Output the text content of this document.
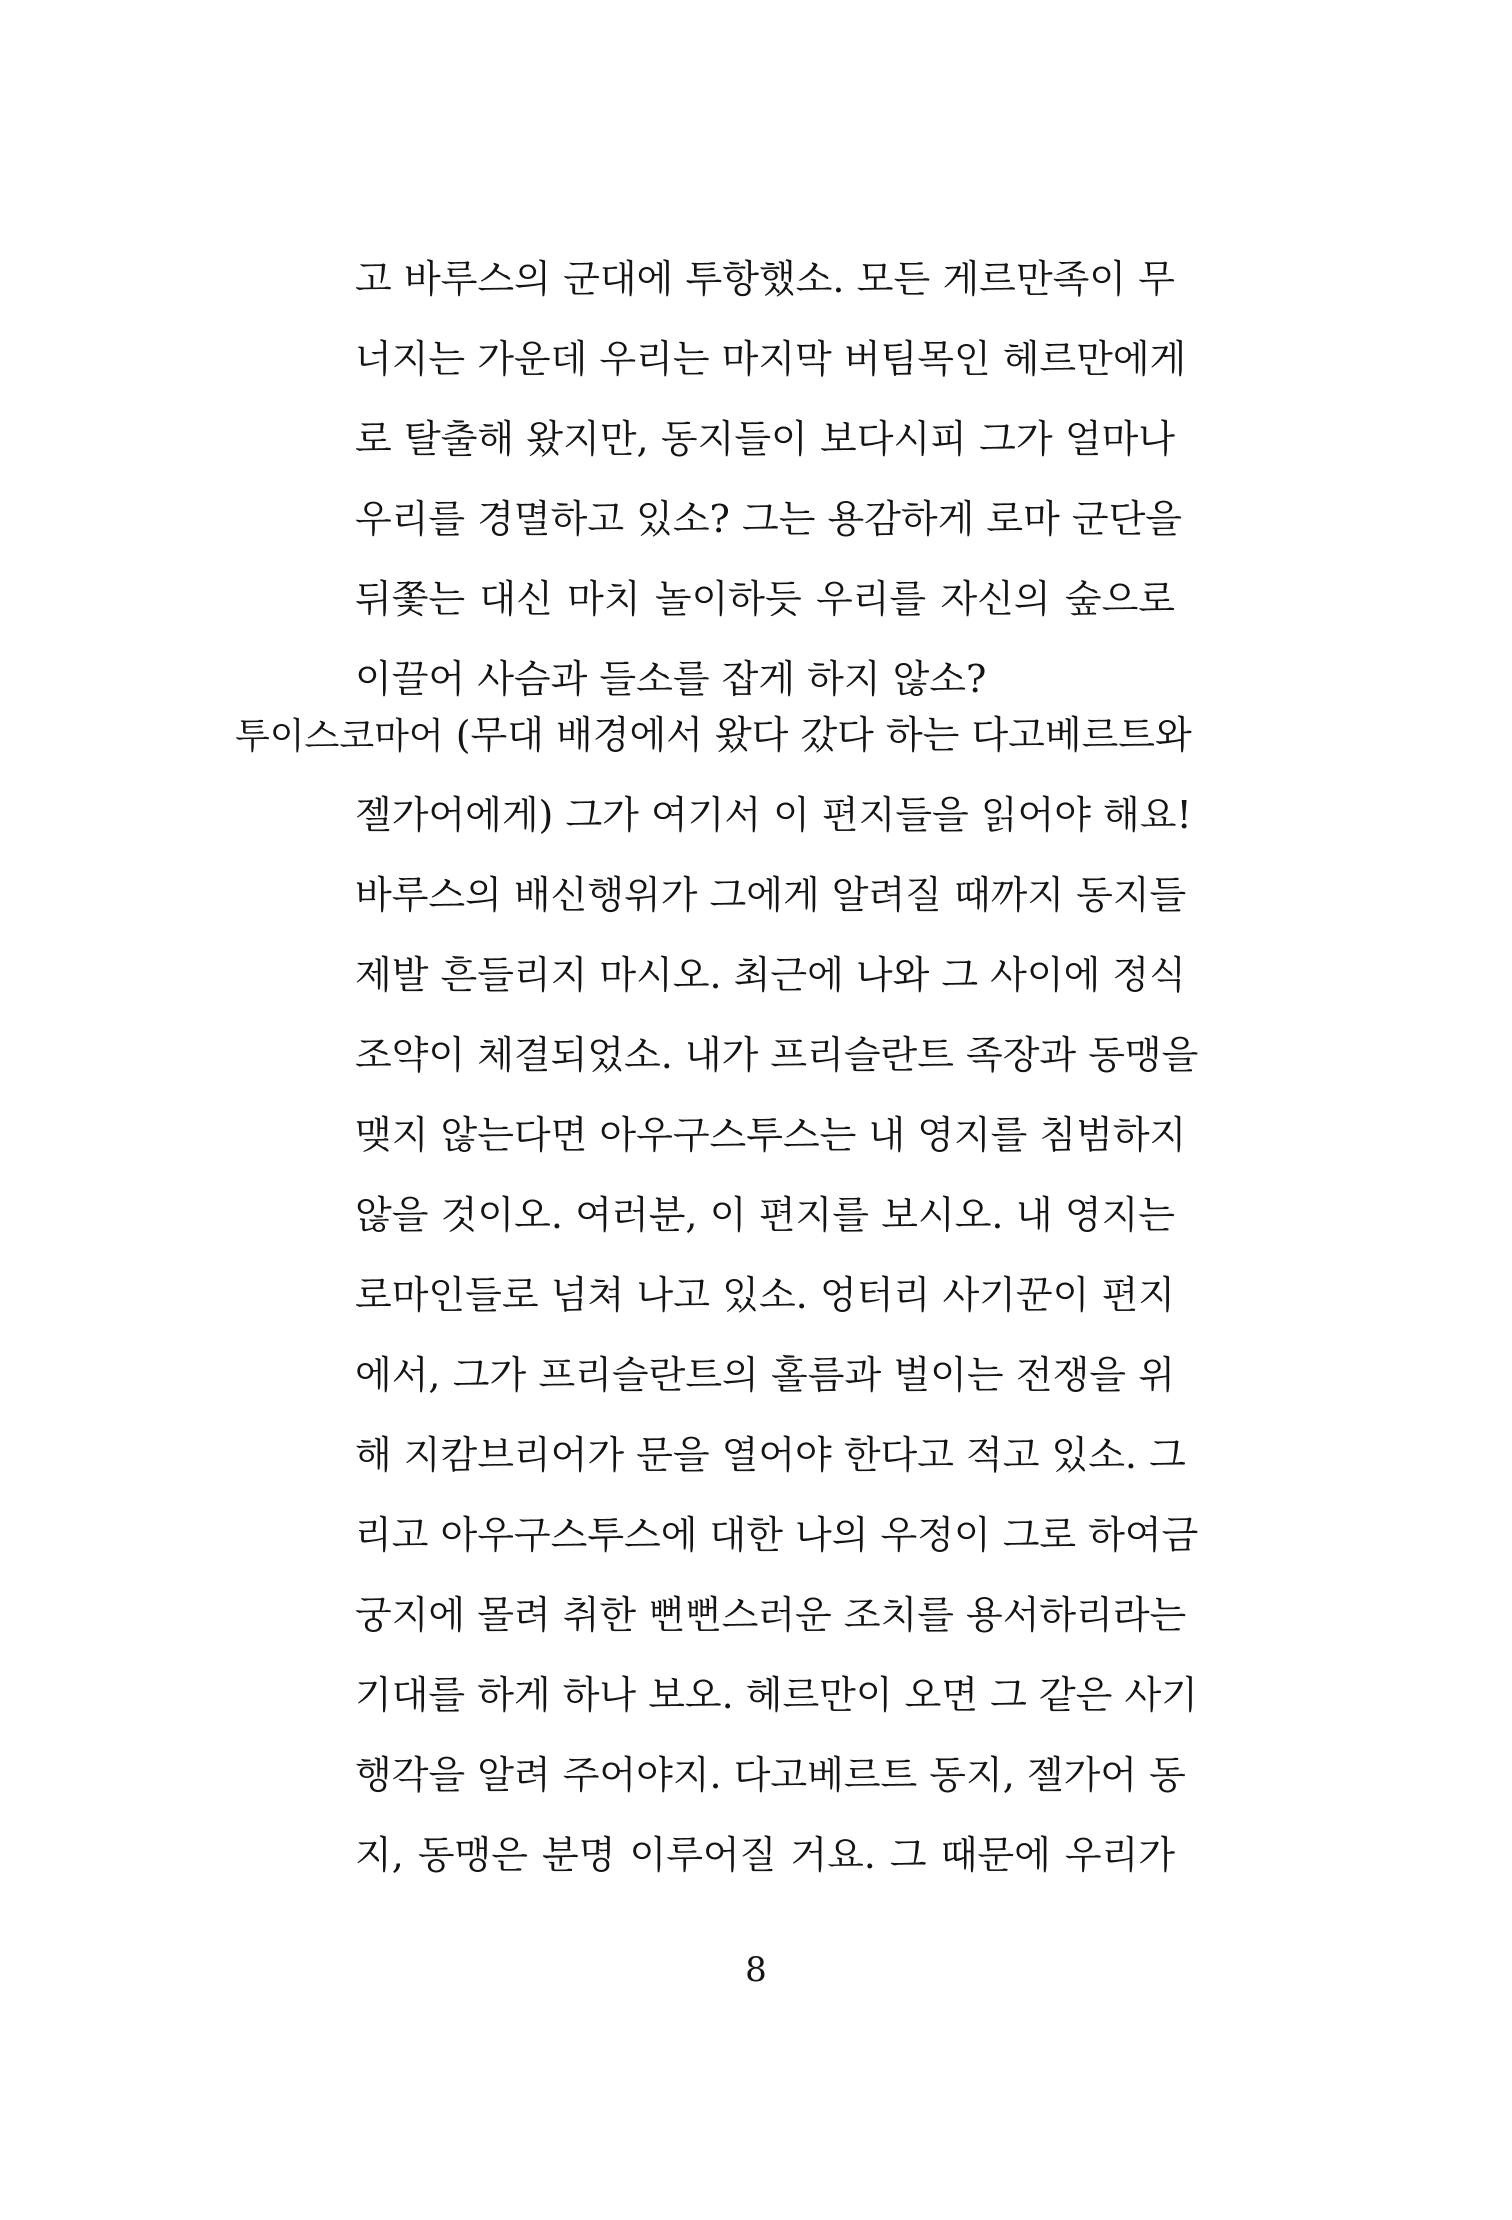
고 바루스의 군대에 투항했소. 모든 게르만족이 무
너지는 가운데 우리는 마지막 버팀목인 헤르만에게
로 탈출해 왔지만, 동지들이 보다시피 그가 얼마나
우리를 경멸하고 있소? 그는 용감하게 로마 군단을
뒤쫓는 대신 마치 놀이하듯 우리를 자신의 숲으로
이끌어 사슴과 들소를 잡게 하지 않소?
투이스코마어 (무대 배경에서 왔다 갔다 하는 다고베르트와
젤가어에게) 그가 여기서 이 편지들을 읽어야 해요!
바루스의 배신행위가 그에게 알려질 때까지 동지들
제발 흔들리지 마시오. 최근에 나와 그 사이에 정식
조약이 체결되었소. 내가 프리슬란트 족장과 동맹을
맺지 않는다면 아우구스투스는 내 영지를 침범하지
않을 것이오. 여러분, 이 편지를 보시오. 내 영지는
로마인들로 넘쳐 나고 있소. 엉터리 사기꾼이 편지
에서, 그가 프리슬란트의 홀름과 벌이는 전쟁을 위
해 지캄브리어가 문을 열어야 한다고 적고 있소. 그
리고 아우구스투스에 대한 나의 우정이 그로 하여금
궁지에 몰려 취한 뻔뻔스러운 조치를 용서하리라는
기대를 하게 하나 보오. 헤르만이 오면 그 같은 사기
행각을 알려 주어야지. 다고베르트 동지, 젤가어 동
지, 동맹은 분명 이루어질 거요. 그 때문에 우리가
8
